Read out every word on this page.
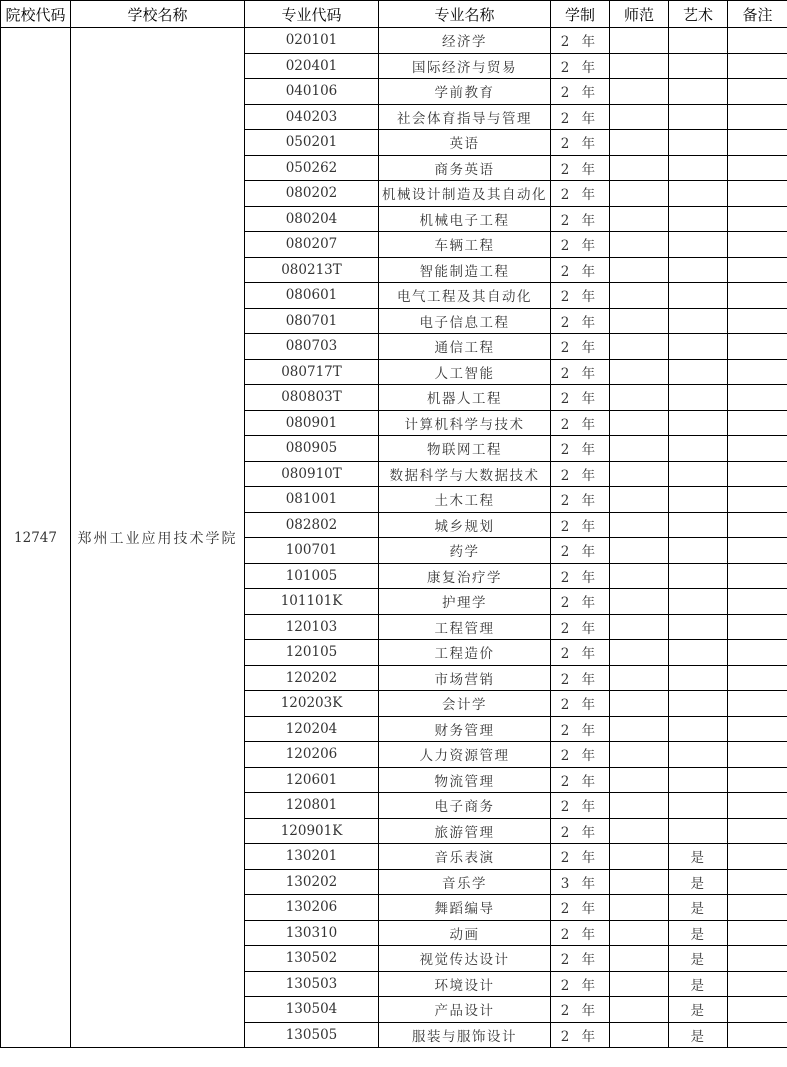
院校代码	学校名称	专业代码	专业名称	学制	师范	艺术	备注
12747	郑州工业应用技术学院	020101	经济学	2 年			
		020401	国际经济与贸易	2 年			
		040106	学前教育	2 年			
		040203	社会体育指导与管理	2 年			
		050201	英语	2 年			
		050262	商务英语	2 年			
		080202	机械设计制造及其自动化	2 年			
		080204	机械电子工程	2 年			
		080207	车辆工程	2 年			
		080213T	智能制造工程	2 年			
		080601	电气工程及其自动化	2 年			
		080701	电子信息工程	2 年			
		080703	通信工程	2 年			
		080717T	人工智能	2 年			
		080803T	机器人工程	2 年			
		080901	计算机科学与技术	2 年			
		080905	物联网工程	2 年			
		080910T	数据科学与大数据技术	2 年			
		081001	土木工程	2 年			
		082802	城乡规划	2 年			
		100701	药学	2 年			
		101005	康复治疗学	2 年			
		101101K	护理学	2 年			
		120103	工程管理	2 年			
		120105	工程造价	2 年			
		120202	市场营销	2 年			
		120203K	会计学	2 年			
		120204	财务管理	2 年			
		120206	人力资源管理	2 年			
		120601	物流管理	2 年			
		120801	电子商务	2 年			
		120901K	旅游管理	2 年			
		130201	音乐表演	2 年		是	
		130202	音乐学	3 年		是	
		130206	舞蹈编导	2 年		是	
		130310	动画	2 年		是	
		130502	视觉传达设计	2 年		是	
		130503	环境设计	2 年		是	
		130504	产品设计	2 年		是	
		130505	服装与服饰设计	2 年		是	
